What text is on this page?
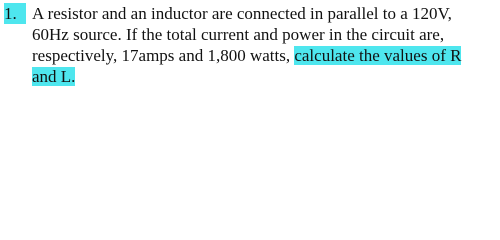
1. A resistor and an inductor are connected in parallel to a 120V,
60Hz source. If the total current and power in the circuit are,
respectively, 17amps and 1,800 watts, calculate the values of R
and L.
